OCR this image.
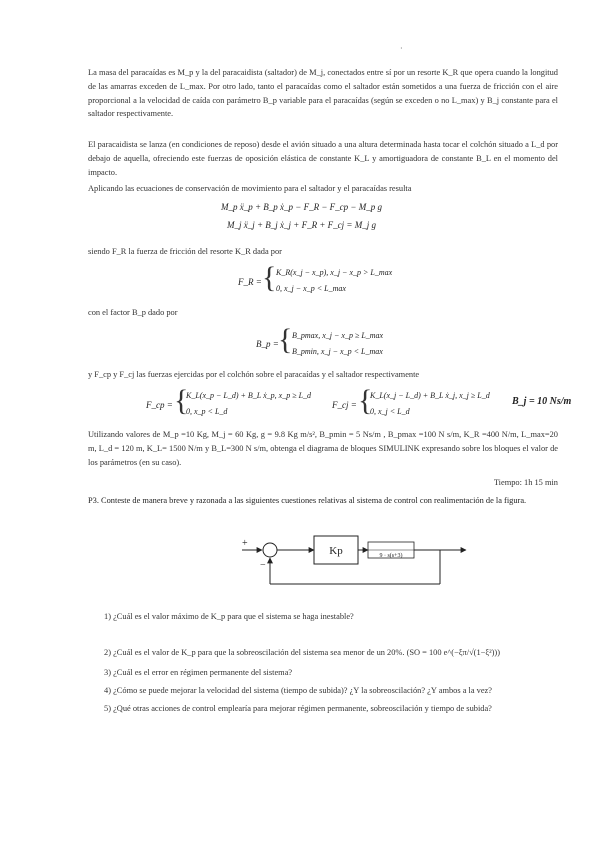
·
La masa del paracaídas es M_p y la del paracaidista (saltador) de M_j, conectados entre sí por un resorte K_R que opera cuando la longitud de las amarras exceden de L_max. Por otro lado, tanto el paracaídas como el saltador están sometidos a una fuerza de fricción con el aire proporcional a la velocidad de caída con parámetro B_p variable para el paracaídas (según se exceden o no L_max) y B_j constante para el saltador respectivamente.
El paracaidista se lanza (en condiciones de reposo) desde el avión situado a una altura determinada hasta tocar el colchón situado a L_d por debajo de aquella, ofreciendo este fuerzas de oposición elástica de constante K_L y amortiguadora de constante B_L en el momento del impacto.
Aplicando las ecuaciones de conservación de movimiento para el saltador y el paracaídas resulta
M_p ẍ_p + B_p ẋ_p − F_R − F_cp − M_p g
M_j ẍ_j + B_j ẋ_j + F_R + F_cj = M_j g
siendo F_R la fuerza de fricción del resorte K_R dada por
F_R = { K_R(x_j − x_p), x_j − x_p > L_max
0, x_j − x_p < L_max
con el factor B_p dado por
B_p = { B_pmax, x_j − x_p ≥ L_max
B_pmin, x_j − x_p < L_max
y F_cp y F_cj las fuerzas ejercidas por el colchón sobre el paracaídas y el saltador respectivamente
F_cp = {
K_L(x_p − L_d) + B_L ẋ_p, x_p ≥ L_d
0, x_p < L_d
F_cj = {
K_L(x_j − L_d) + B_L ẋ_j, x_j ≥ L_d
0, x_j < L_d
B_j = 10 Ns/m
Utilizando valores de M_p =10 Kg, M_j = 60 Kg, g = 9.8 Kg m/s², B_pmin = 5 Ns/m , B_pmax =100 N s/m, K_R =400 N/m, L_max=20 m, L_d = 120 m, K_L= 1500 N/m y B_L=300 N s/m, obtenga el diagrama de bloques SIMULINK expresando sobre los bloques el valor de los parámetros (en su caso).
Tiempo: 1h 15 min
P3. Conteste de manera breve y razonada a las siguientes cuestiones relativas al sistema de control con realimentación de la figura.
+
−
Kp	9 · s(s+3)
1) ¿Cuál es el valor máximo de K_p para que el sistema se haga inestable?
2) ¿Cuál es el valor de K_p para que la sobreoscilación del sistema sea menor de un 20%. (SO = 100 e^(−ξπ/√(1−ξ²)))
3) ¿Cuál es el error en régimen permanente del sistema?
4) ¿Cómo se puede mejorar la velocidad del sistema (tiempo de subida)? ¿Y la sobreoscilación? ¿Y ambos a la vez?
5) ¿Qué otras acciones de control emplearía para mejorar régimen permanente, sobreoscilación y tiempo de subida?
